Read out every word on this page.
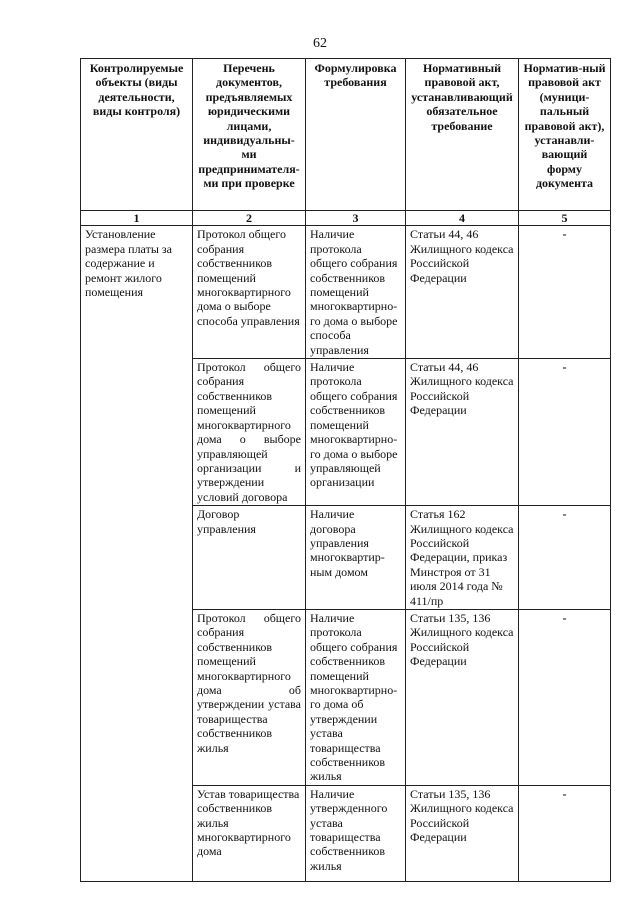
62
Контролируемые объекты (виды деятельности, виды контроля)	Перечень документов, предъявляемых юридическими лицами, индивидуальны-ми предпринимателя-ми при проверке	Формулировка требования	Нормативный правовой акт, устанавливающий обязательное требование	Норматив-ный правовой акт (муници-пальный правовой акт), устанавли-вающий форму документа
1	2	3	4	5
Установление размера платы за содержание и ремонт жилого помещения	Протокол общего собрания собственников помещений многоквартирного дома о выборе способа управления	Наличие протокола общего собрания собственников помещений многоквартирно-го дома о выборе способа управления	Статьи 44, 46 Жилищного кодекса Российской Федерации	-
	Протокол общего собрания собственников помещений многоквартирного дома о выборе управляющей организации и утверждении условий договора	Наличие протокола общего собрания собственников помещений многоквартирно-го дома о выборе управляющей организации	Статьи 44, 46 Жилищного кодекса Российской Федерации	-
	Договор управления	Наличие договора управления многоквартир-ным домом	Статья 162 Жилищного кодекса Российской Федерации, приказ Минстроя от 31 июля 2014 года № 411/пр	-
	Протокол общего собрания собственников помещений многоквартирного дома об утверждении устава товарищества собственников жилья	Наличие протокола общего собрания собственников помещений многоквартирно-го дома об утверждении устава товарищества собственников жилья	Статьи 135, 136 Жилищного кодекса Российской Федерации	-
	Устав товарищества собственников жилья многоквартирного дома	Наличие утвержденного устава товарищества собственников жилья	Статьи 135, 136 Жилищного кодекса Российской Федерации	-
